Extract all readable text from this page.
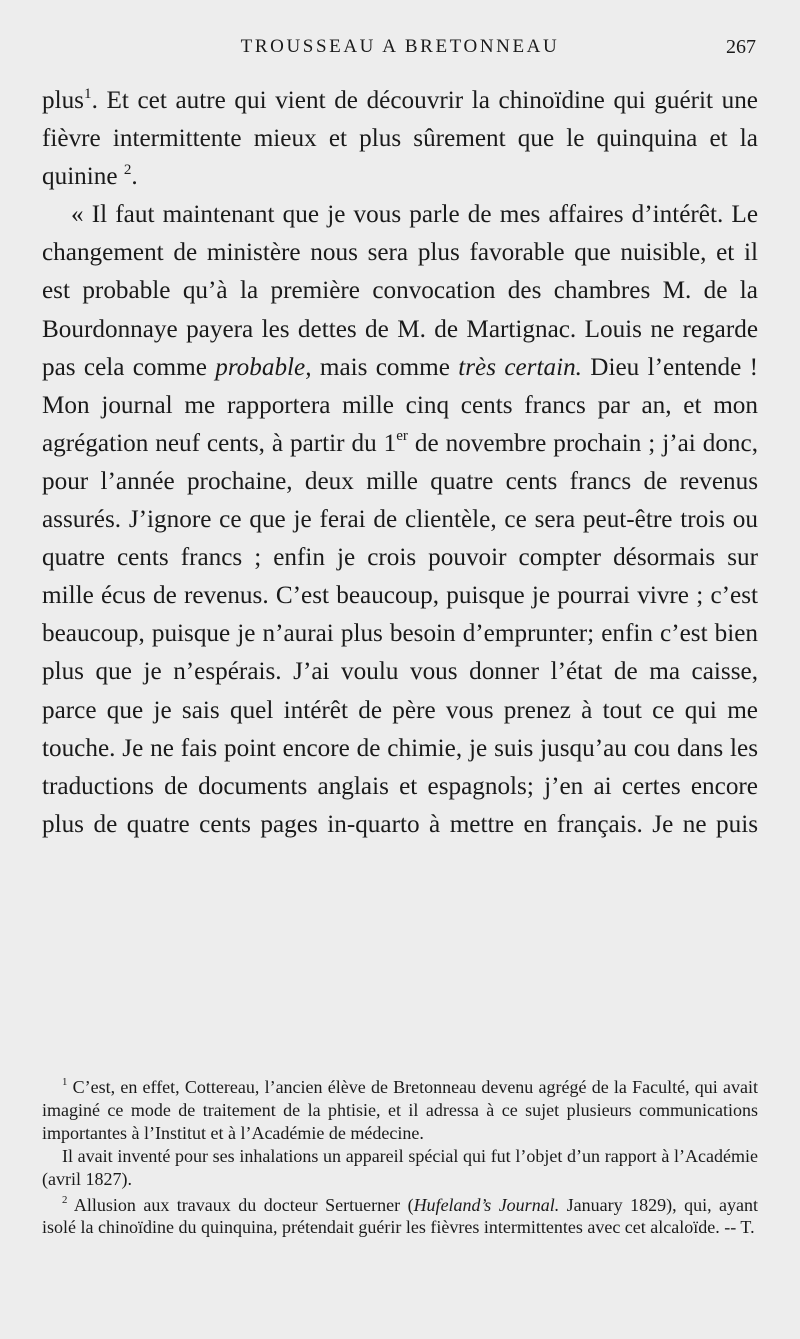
TROUSSEAU A BRETONNEAU	267

plus$^1$. Et cet autre qui vient de découvrir la chinoïdine qui guérit une fièvre intermittente mieux et plus sûrement que le quinquina et la quinine $^2$.

« Il faut maintenant que je vous parle de mes affaires d’intérêt. Le changement de ministère nous sera plus favorable que nuisible, et il est probable qu’à la première convocation des chambres M. de la Bourdonnaye payera les dettes de M. de Martignac. Louis ne regarde pas cela comme probable, mais comme très certain. Dieu l’entende ! Mon journal me rapportera mille cinq cents francs par an, et mon agrégation neuf cents, à partir du 1er de novembre prochain ; j’ai donc, pour l’année prochaine, deux mille quatre cents francs de revenus assurés. J’ignore ce que je ferai de clientèle, ce sera peut-être trois ou quatre cents francs ; enfin je crois pouvoir compter désormais sur mille écus de revenus. C’est beaucoup, puisque je pourrai vivre ; c’est beaucoup, puisque je n’aurai plus besoin d’emprunter; enfin c’est bien plus que je n’espérais. J’ai voulu vous donner l’état de ma caisse, parce que je sais quel intérêt de père vous prenez à tout ce qui me touche. Je ne fais point encore de chimie, je suis jusqu’au cou dans les traductions de documents anglais et espagnols; j’en ai certes encore plus de quatre cents pages in-quarto à mettre en français. Je ne puis

$^1$ C’est, en effet, Cottereau, l’ancien élève de Bretonneau devenu agrégé de la Faculté, qui avait imaginé ce mode de traitement de la phtisie, et il adressa à ce sujet plusieurs communications importantes à l’Institut et à l’Académie de médecine.

Il avait inventé pour ses inhalations un appareil spécial qui fut l’objet d’un rapport à l’Académie (avril 1827).

$^2$ Allusion aux travaux du docteur Sertuerner (Hufeland’s Journal. January 1829), qui, ayant isolé la chinoïdine du quinquina, prétendait guérir les fièvres intermittentes avec cet alcaloïde. -- T.
